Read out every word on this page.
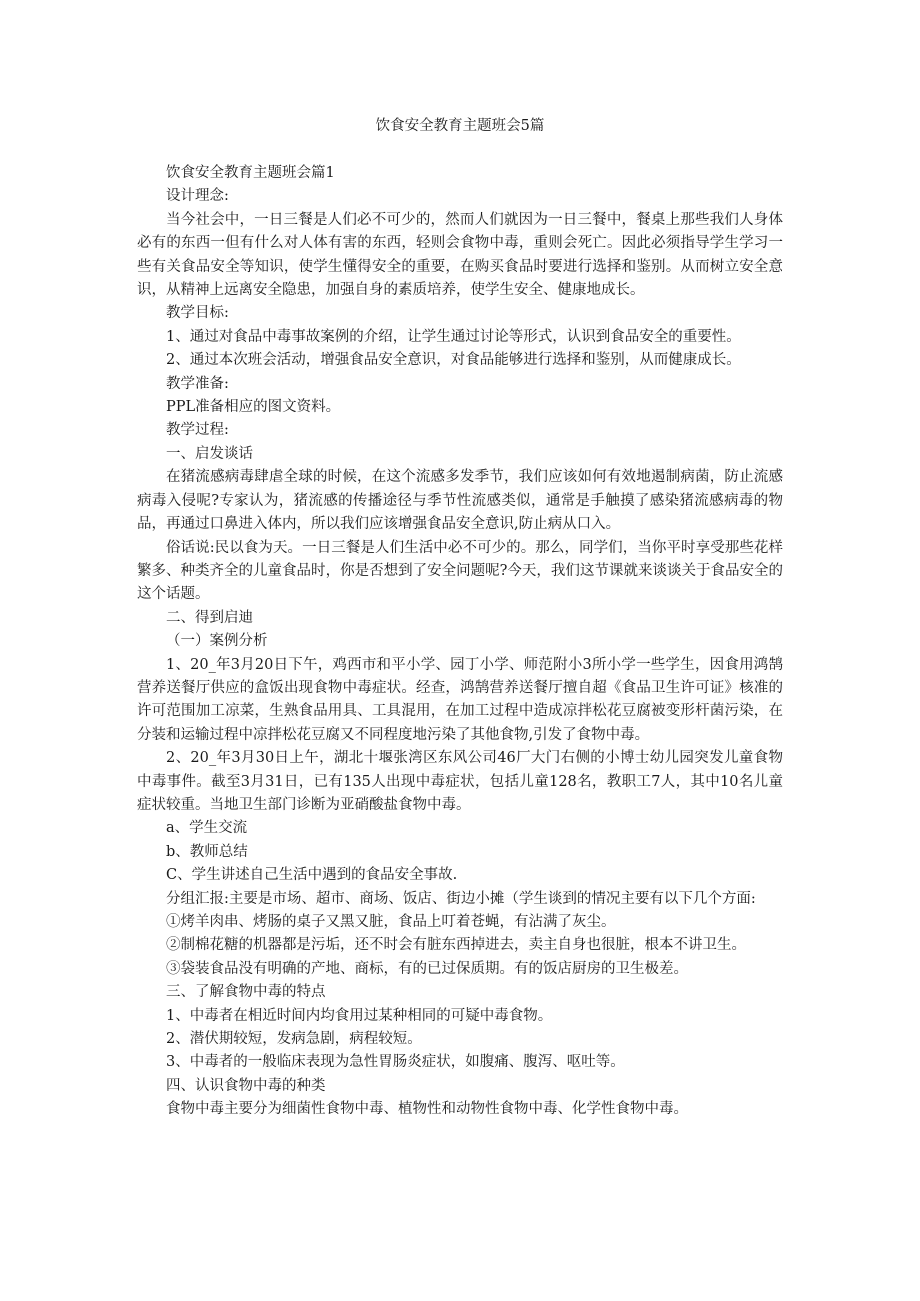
饮食安全教育主题班会5篇

饮食安全教育主题班会篇1

设计理念:

当今社会中，一日三餐是人们必不可少的，然而人们就因为一日三餐中，餐桌上那些我们人身体必有的东西一但有什么对人体有害的东西，轻则会食物中毒，重则会死亡。因此必须指导学生学习一些有关食品安全等知识，使学生懂得安全的重要，在购买食品时要进行选择和鉴别。从而树立安全意识，从精神上远离安全隐患，加强自身的素质培养，使学生安全、健康地成长。

教学目标:

1、通过对食品中毒事故案例的介绍，让学生通过讨论等形式，认识到食品安全的重要性。

2、通过本次班会活动，增强食品安全意识，对食品能够进行选择和鉴别，从而健康成长。

教学准备:

PPL准备相应的图文资料。

教学过程:

一、启发谈话

在猪流感病毒肆虐全球的时候，在这个流感多发季节，我们应该如何有效地遏制病菌，防止流感病毒入侵呢?专家认为，猪流感的传播途径与季节性流感类似，通常是手触摸了感染猪流感病毒的物品，再通过口鼻进入体内，所以我们应该增强食品安全意识,防止病从口入。

俗话说:民以食为天。一日三餐是人们生活中必不可少的。那么，同学们，当你平时享受那些花样繁多、种类齐全的儿童食品时，你是否想到了安全问题呢?今天，我们这节课就来谈谈关于食品安全的这个话题。

二、得到启迪

（一）案例分析

1、20_年3月20日下午，鸡西市和平小学、园丁小学、师范附小3所小学一些学生，因食用鸿鹄营养送餐厅供应的盒饭出现食物中毒症状。经查，鸿鹄营养送餐厅擅自超《食品卫生许可证》核准的许可范围加工凉菜，生熟食品用具、工具混用，在加工过程中造成凉拌松花豆腐被变形杆菌污染，在分装和运输过程中凉拌松花豆腐又不同程度地污染了其他食物,引发了食物中毒。

2、20_年3月30日上午，湖北十堰张湾区东风公司46厂大门右侧的小博士幼儿园突发儿童食物中毒事件。截至3月31日，已有135人出现中毒症状，包括儿童128名，教职工7人，其中10名儿童症状较重。当地卫生部门诊断为亚硝酸盐食物中毒。

a、学生交流

b、教师总结

C、学生讲述自己生活中遇到的食品安全事故.

分组汇报:主要是市场、超市、商场、饭店、街边小摊（学生谈到的情况主要有以下几个方面:

①烤羊肉串、烤肠的桌子又黑又脏，食品上叮着苍蝇，有沾满了灰尘。

②制棉花糖的机器都是污垢，还不时会有脏东西掉进去，卖主自身也很脏，根本不讲卫生。

③袋装食品没有明确的产地、商标，有的已过保质期。有的饭店厨房的卫生极差。

三、了解食物中毒的特点

1、中毒者在相近时间内均食用过某种相同的可疑中毒食物。

2、潜伏期较短，发病急剧，病程较短。

3、中毒者的一般临床表现为急性胃肠炎症状，如腹痛、腹泻、呕吐等。

四、认识食物中毒的种类

食物中毒主要分为细菌性食物中毒、植物性和动物性食物中毒、化学性食物中毒。
